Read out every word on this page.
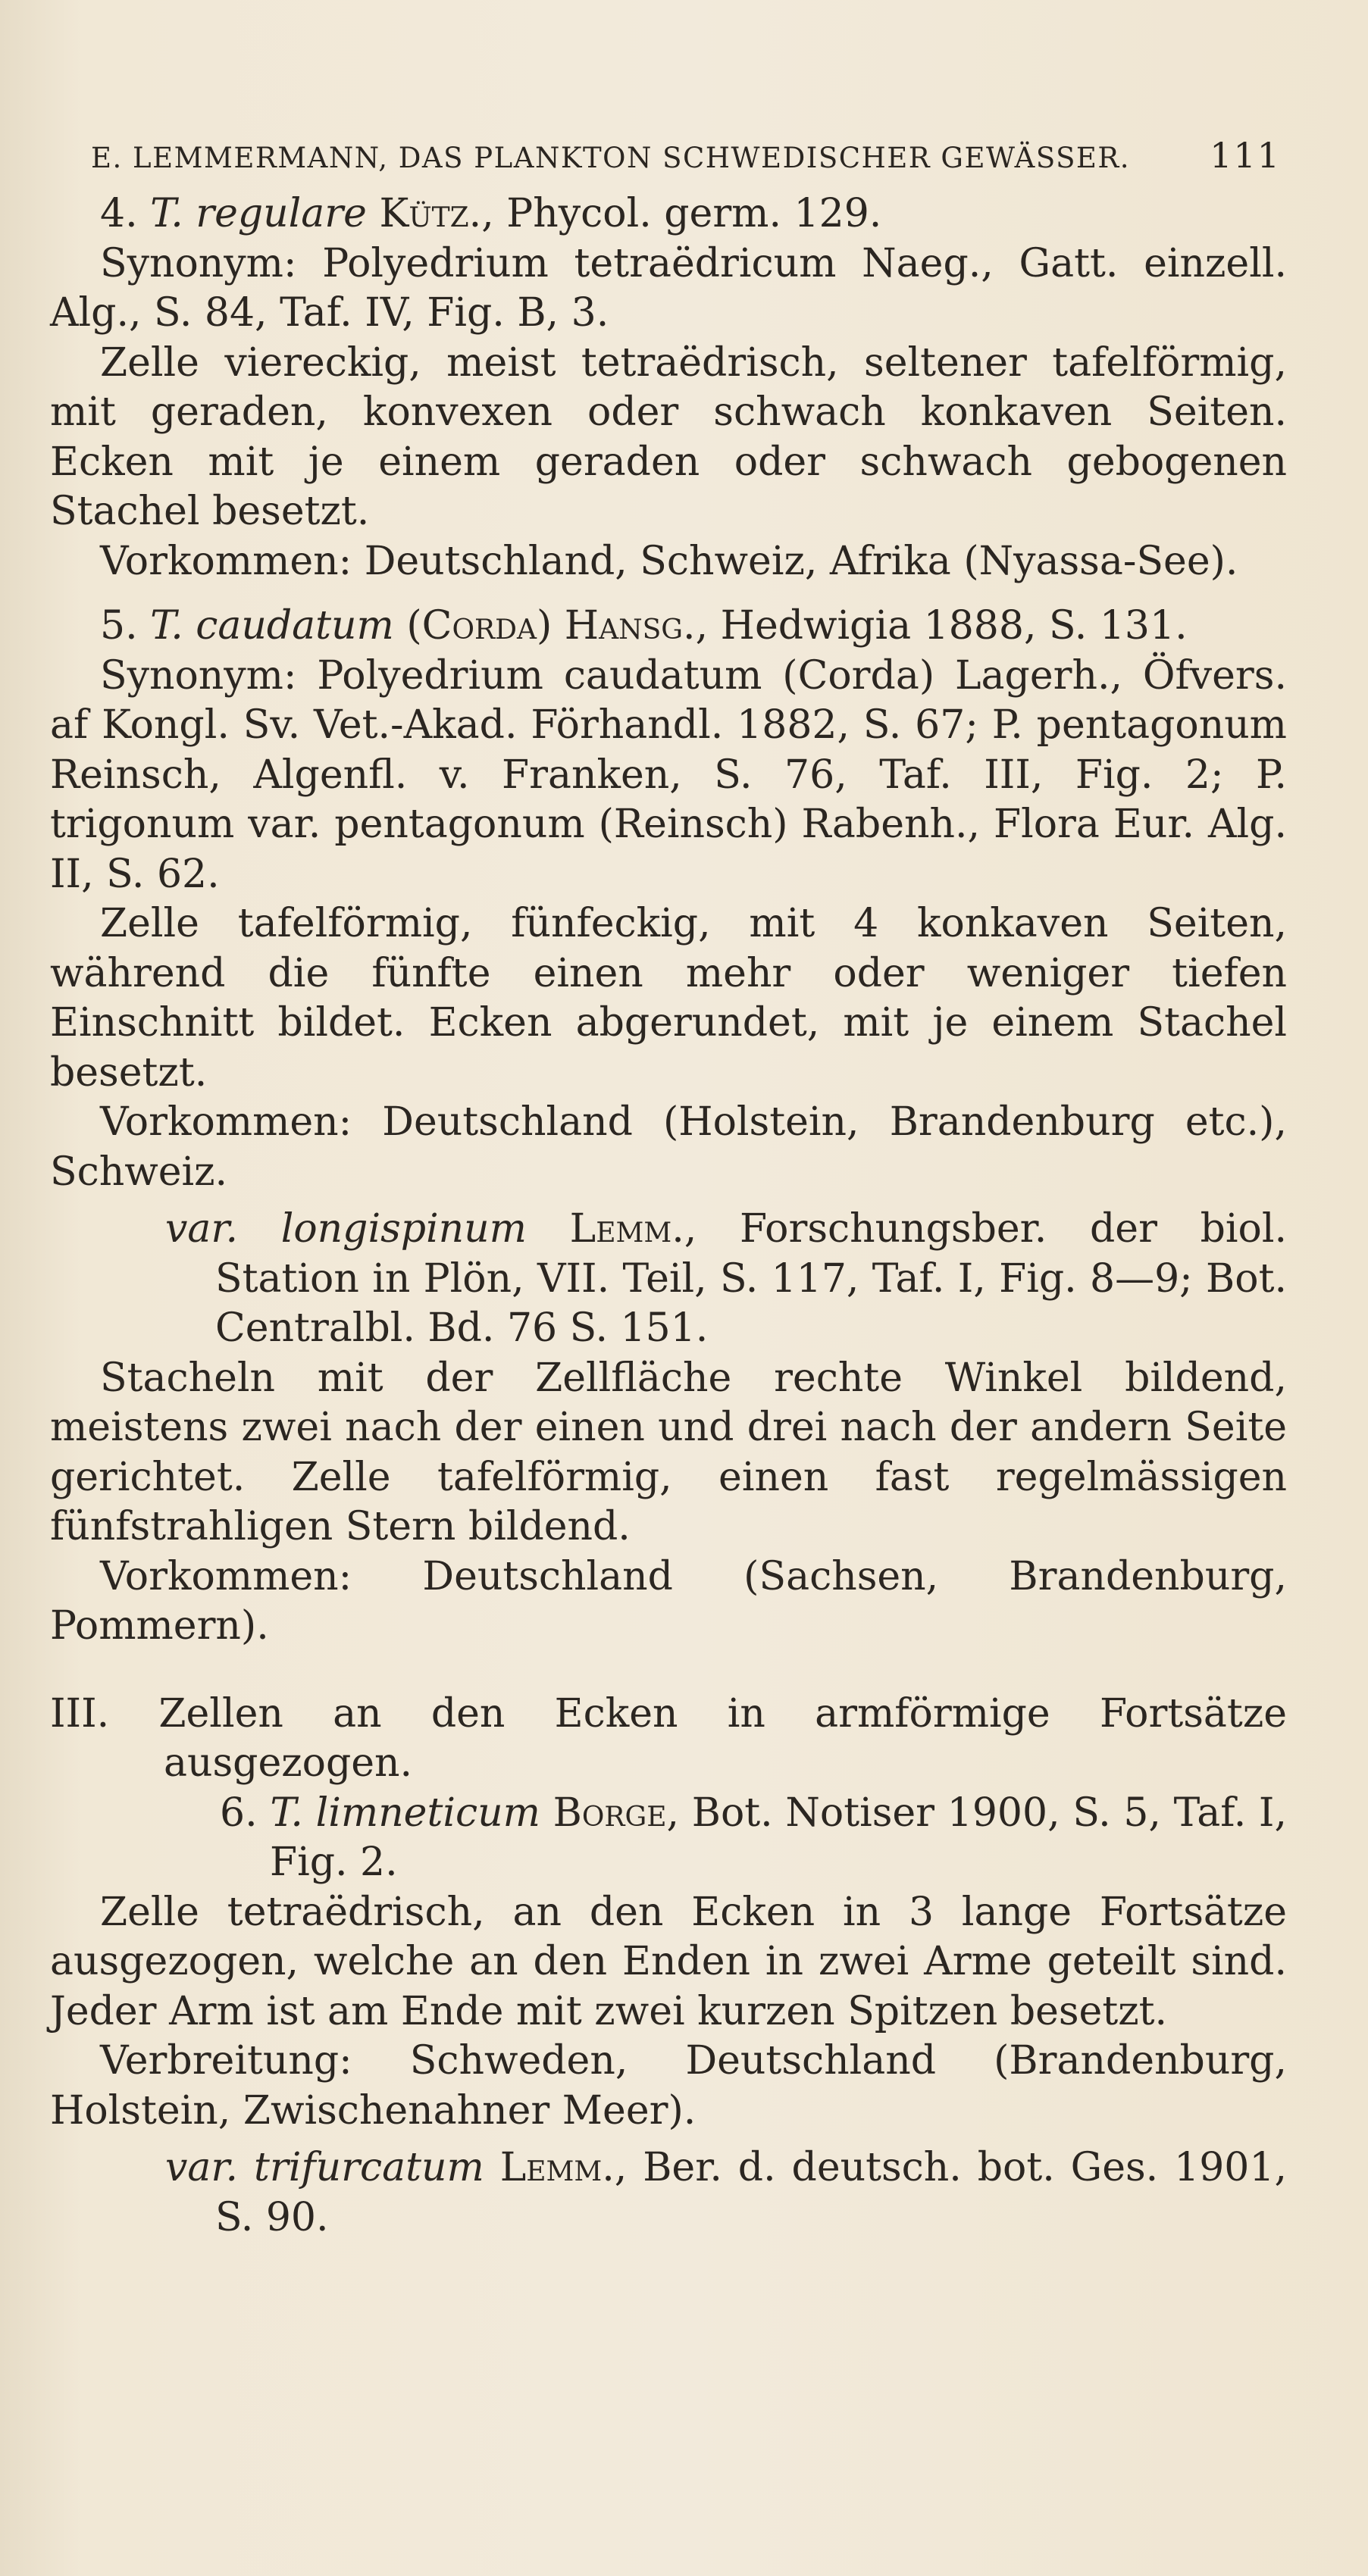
E. LEMMERMANN, DAS PLANKTON SCHWEDISCHER GEWÄSSER. 111

4. T. regulare Kütz., Phycol. germ. 129.

Synonym: Polyedrium tetraëdricum Naeg., Gatt. einzell. Alg., S. 84, Taf. IV, Fig. B, 3.

Zelle viereckig, meist tetraëdrisch, seltener tafelförmig, mit geraden, konvexen oder schwach konkaven Seiten. Ecken mit je einem geraden oder schwach gebogenen Stachel besetzt.

Vorkommen: Deutschland, Schweiz, Afrika (Nyassa-See).

5. T. caudatum (Corda) Hansg., Hedwigia 1888, S. 131.

Synonym: Polyedrium caudatum (Corda) Lagerh., Öfvers. af Kongl. Sv. Vet.-Akad. Förhandl. 1882, S. 67; P. pentagonum Reinsch, Algenfl. v. Franken, S. 76, Taf. III, Fig. 2; P. trigonum var. pentagonum (Reinsch) Rabenh., Flora Eur. Alg. II, S. 62.

Zelle tafelförmig, fünfeckig, mit 4 konkaven Seiten, während die fünfte einen mehr oder weniger tiefen Einschnitt bildet. Ecken abgerundet, mit je einem Stachel besetzt.

Vorkommen: Deutschland (Holstein, Brandenburg etc.), Schweiz.

var. longispinum Lemm., Forschungsber. der biol. Station in Plön, VII. Teil, S. 117, Taf. I, Fig. 8—9; Bot. Centralbl. Bd. 76 S. 151.

Stacheln mit der Zellfläche rechte Winkel bildend, meistens zwei nach der einen und drei nach der andern Seite gerichtet. Zelle tafelförmig, einen fast regelmässigen fünfstrahligen Stern bildend.

Vorkommen: Deutschland (Sachsen, Brandenburg, Pommern).

III. Zellen an den Ecken in armförmige Fortsätze ausgezogen.

6. T. limneticum Borge, Bot. Notiser 1900, S. 5, Taf. I, Fig. 2.

Zelle tetraëdrisch, an den Ecken in 3 lange Fortsätze ausgezogen, welche an den Enden in zwei Arme geteilt sind. Jeder Arm ist am Ende mit zwei kurzen Spitzen besetzt.

Verbreitung: Schweden, Deutschland (Brandenburg, Holstein, Zwischenahner Meer).

var. trifurcatum Lemm., Ber. d. deutsch. bot. Ges. 1901, S. 90.
